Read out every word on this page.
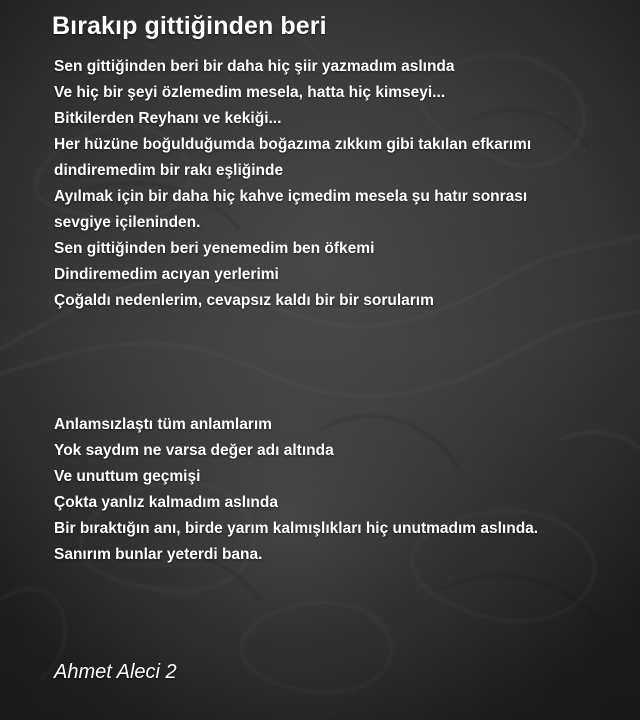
Bırakıp gittiğinden beri
Sen gittiğinden beri bir daha hiç şiir yazmadım aslında
Ve hiç bir şeyi özlemedim mesela, hatta hiç kimseyi...
Bitkilerden Reyhanı ve kekiği...
Her hüzüne boğulduğumda boğazıma zıkkım gibi takılan efkarımı
dindiremedim bir rakı eşliğinde
Ayılmak için bir daha hiç kahve içmedim mesela şu hatır sonrası
sevgiye içileninden.
Sen gittiğinden beri yenemedim ben öfkemi
Dindiremedim acıyan yerlerimi
Çoğaldı nedenlerim, cevapsız kaldı bir bir sorularım
Anlamsızlaştı tüm anlamlarım
Yok saydım ne varsa değer adı altında
Ve unuttum geçmişi
Çokta yanlız kalmadım aslında
Bir bıraktığın anı, birde yarım kalmışlıkları hiç unutmadım aslında.
Sanırım bunlar yeterdi bana.

Ahmet Aleci 2
